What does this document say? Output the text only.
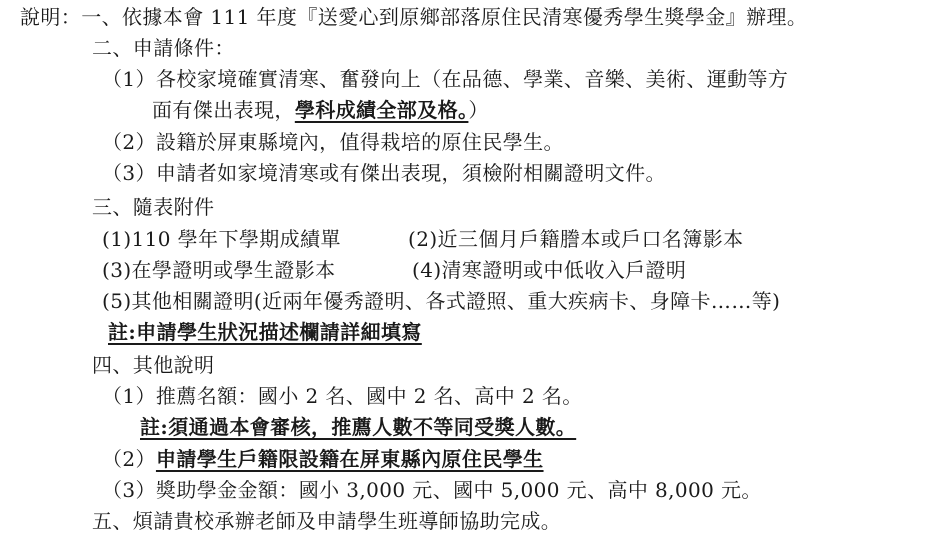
說明：一、依據本會 111 年度『送愛心到原鄉部落原住民清寒優秀學生獎學金』辦理。
二、申請條件：
（1）各校家境確實清寒、奮發向上（在品德、學業、音樂、美術、運動等方
面有傑出表現，學科成績全部及格。）
（2）設籍於屏東縣境內，值得栽培的原住民學生。
（3）申請者如家境清寒或有傑出表現，須檢附相關證明文件。
三、隨表附件
(1)110 學年下學期成績單	(2)近三個月戶籍謄本或戶口名簿影本
(3)在學證明或學生證影本	(4)清寒證明或中低收入戶證明
(5)其他相關證明(近兩年優秀證明、各式證照、重大疾病卡、身障卡……等)
註:申請學生狀況描述欄請詳細填寫
四、其他說明
（1）推薦名額：國小 2 名、國中 2 名、高中 2 名。
註:須通過本會審核，推薦人數不等同受獎人數。
（2）申請學生戶籍限設籍在屏東縣內原住民學生
（3）獎助學金金額：國小 3,000 元、國中 5,000 元、高中 8,000 元。
五、煩請貴校承辦老師及申請學生班導師協助完成。
